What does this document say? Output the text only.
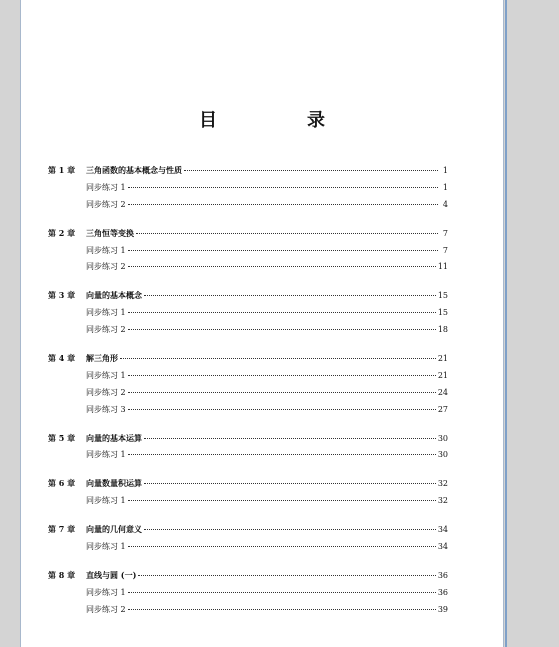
目　录
第 1 章	三角函数的基本概念与性质	1
同步练习 1	1
同步练习 2	4
第 2 章	三角恒等变换	7
同步练习 1	7
同步练习 2	11
第 3 章	向量的基本概念	15
同步练习 1	15
同步练习 2	18
第 4 章	解三角形	21
同步练习 1	21
同步练习 2	24
同步练习 3	27
第 5 章	向量的基本运算	30
同步练习 1	30
第 6 章	向量数量积运算	32
同步练习 1	32
第 7 章	向量的几何意义	34
同步练习 1	34
第 8 章	直线与圆 (一)	36
同步练习 1	36
同步练习 2	39
